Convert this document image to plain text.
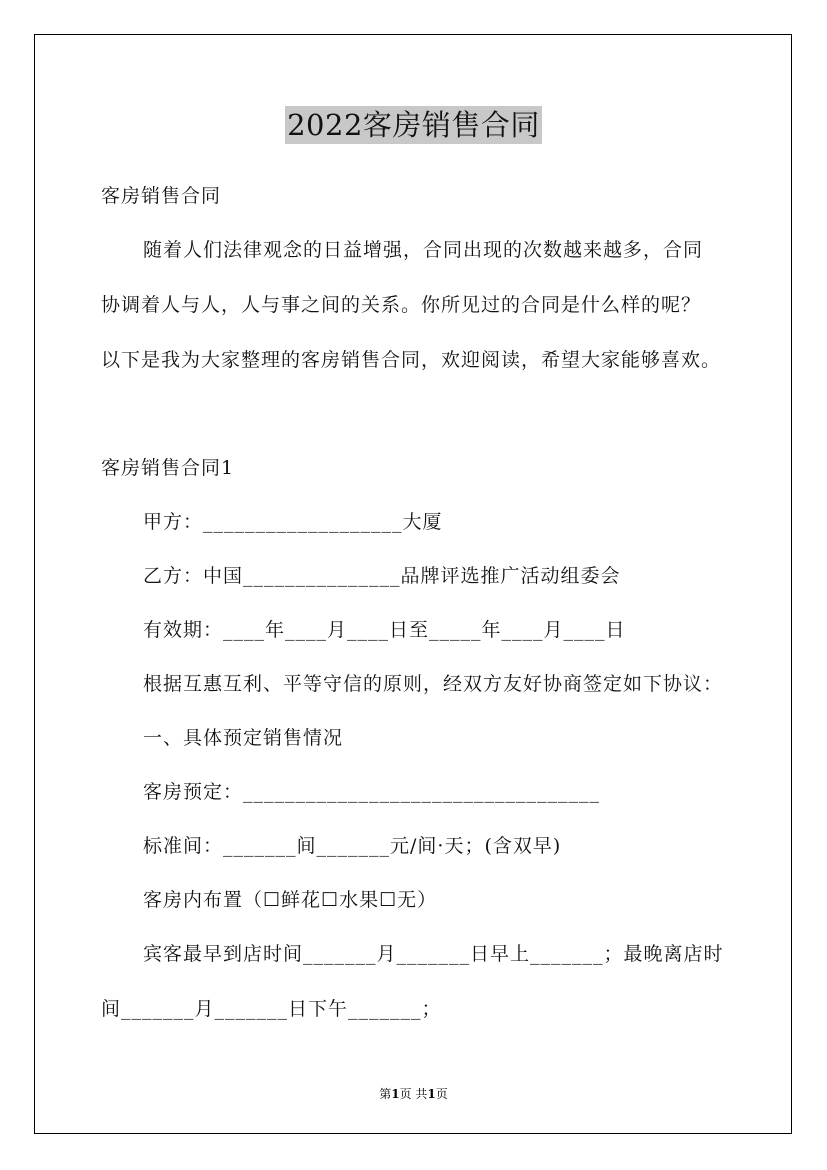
2022客房销售合同
客房销售合同
随着人们法律观念的日益增强，合同出现的次数越来越多，合同
协调着人与人，人与事之间的关系。你所见过的合同是什么样的呢？
以下是我为大家整理的客房销售合同，欢迎阅读，希望大家能够喜欢。
客房销售合同1
甲方：___________________大厦
乙方：中国_______________品牌评选推广活动组委会
有效期：____年____月____日至_____年____月____日
根据互惠互利、平等守信的原则，经双方友好协商签定如下协议：
一、具体预定销售情况
客房预定：__________________________________
标准间：_______间_______元/间·天；(含双早)
客房内布置（☐鲜花☐水果☐无）
宾客最早到店时间_______月_______日早上_______；最晚离店时
间_______月_______日下午_______；
第1页 共1页
